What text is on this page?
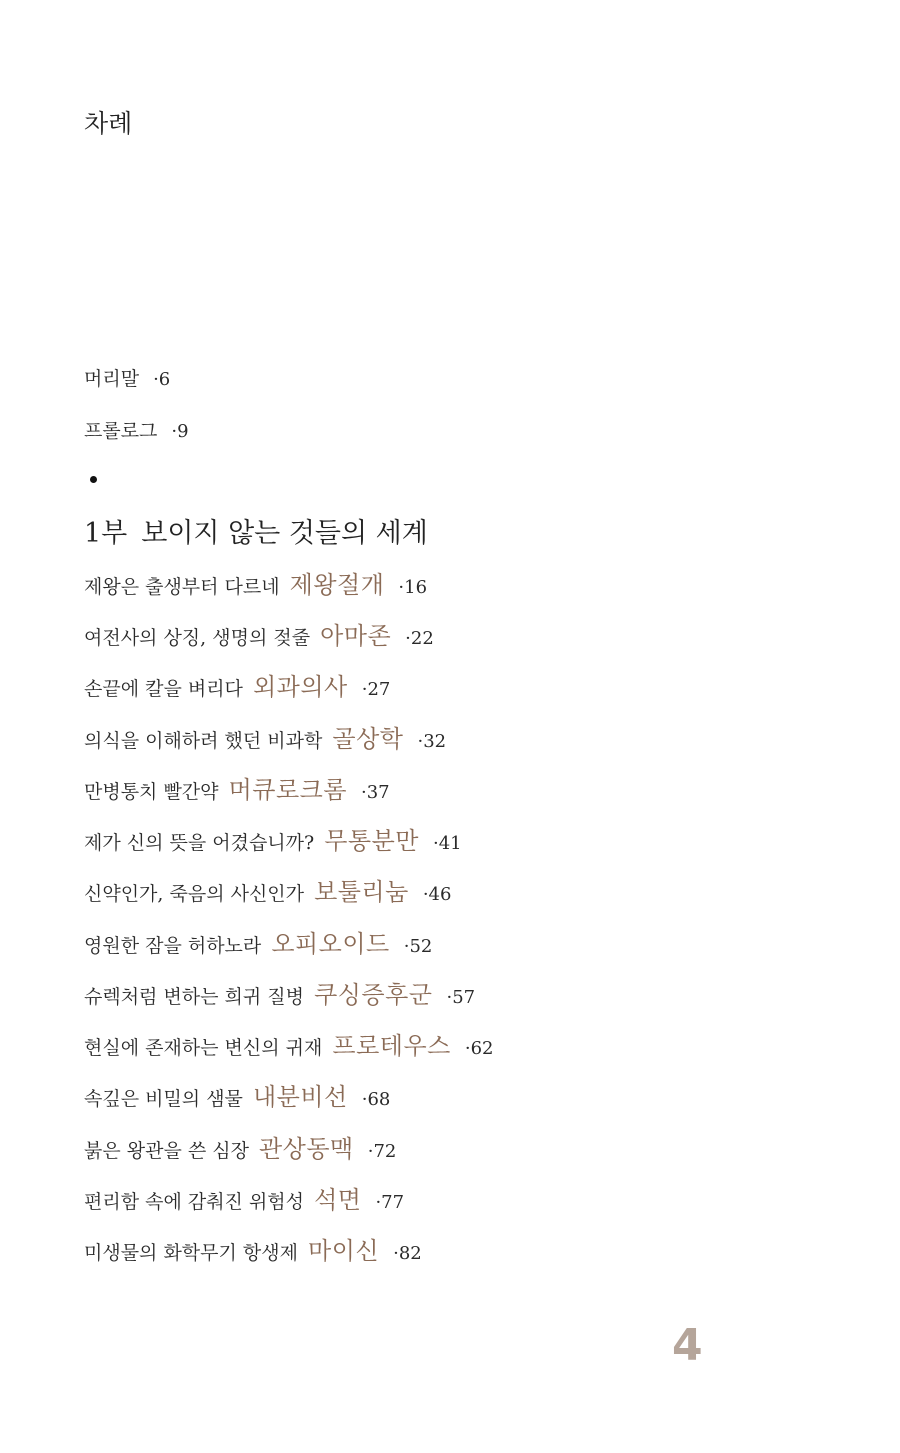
차례
머리말 ·6
프롤로그 ·9
1부 보이지 않는 것들의 세계
제왕은 출생부터 다르네 제왕절개 ·16
여전사의 상징, 생명의 젖줄 아마존 ·22
손끝에 칼을 벼리다 외과의사 ·27
의식을 이해하려 했던 비과학 골상학 ·32
만병통치 빨간약 머큐로크롬 ·37
제가 신의 뜻을 어겼습니까? 무통분만 ·41
신약인가, 죽음의 사신인가 보툴리눔 ·46
영원한 잠을 허하노라 오피오이드 ·52
슈렉처럼 변하는 희귀 질병 쿠싱증후군 ·57
현실에 존재하는 변신의 귀재 프로테우스 ·62
속깊은 비밀의 샘물 내분비선 ·68
붉은 왕관을 쓴 심장 관상동맥 ·72
편리함 속에 감춰진 위험성 석면 ·77
미생물의 화학무기 항생제 마이신 ·82
4
